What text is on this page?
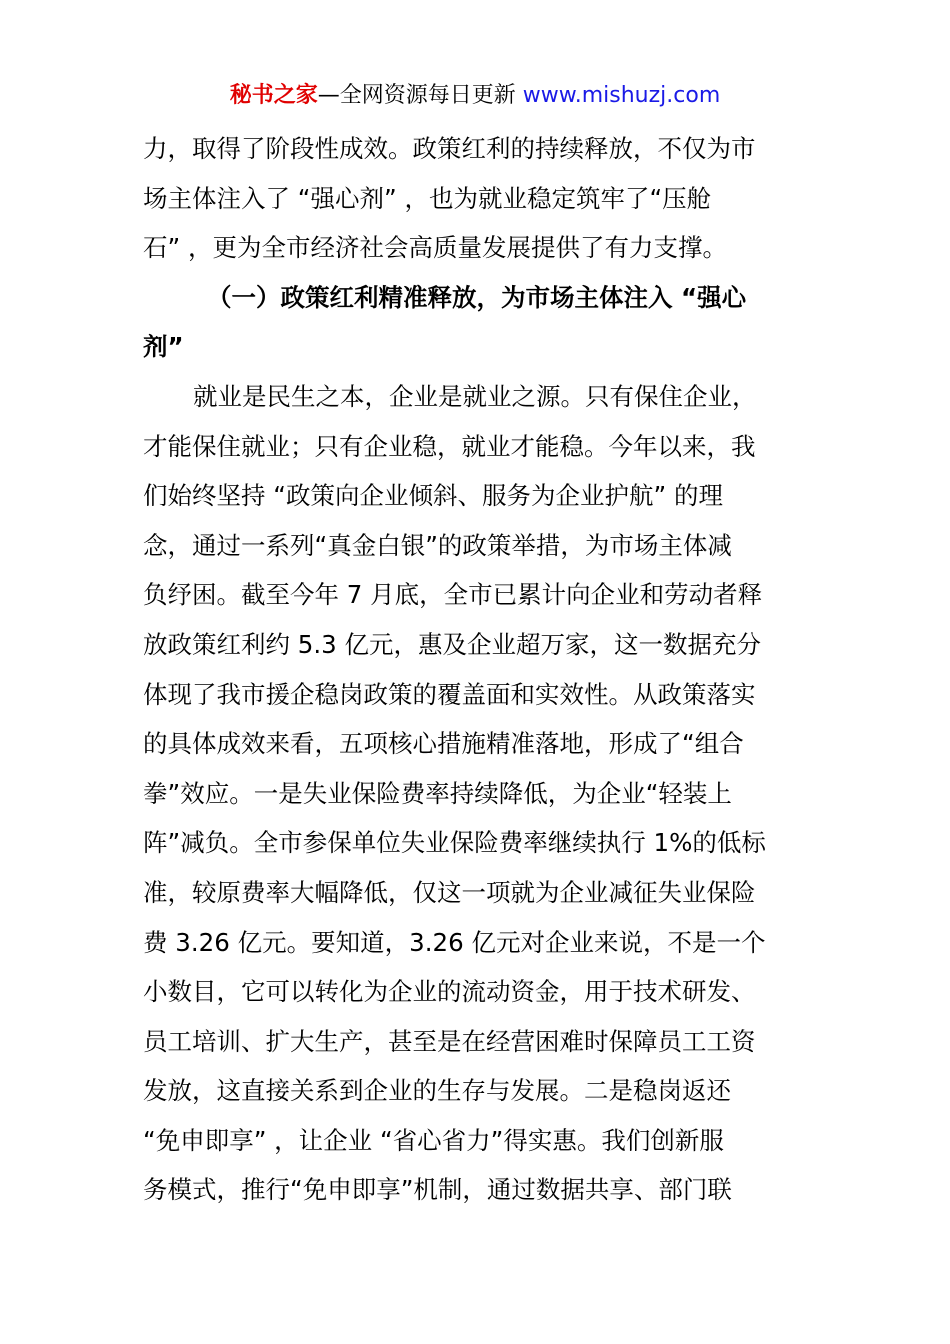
秘书之家—全网资源每日更新 www.mishuzj.com
力，取得了阶段性成效。政策红利的持续释放，不仅为市
场主体注入了 “强心剂” ，也为就业稳定筑牢了“压舱
石” ，更为全市经济社会高质量发展提供了有力支撑。
（一）政策红利精准释放，为市场主体注入 “强心
剂”
就业是民生之本，企业是就业之源。只有保住企业，
才能保住就业；只有企业稳，就业才能稳。今年以来，我
们始终坚持 “政策向企业倾斜、服务为企业护航” 的理
念，通过一系列“真金白银”的政策举措，为市场主体减
负纾困。截至今年 7 月底，全市已累计向企业和劳动者释
放政策红利约 5.3 亿元，惠及企业超万家，这一数据充分
体现了我市援企稳岗政策的覆盖面和实效性。从政策落实
的具体成效来看，五项核心措施精准落地，形成了“组合
拳”效应。一是失业保险费率持续降低，为企业“轻装上
阵”减负。全市参保单位失业保险费率继续执行 1%的低标
准，较原费率大幅降低，仅这一项就为企业减征失业保险
费 3.26 亿元。要知道，3.26 亿元对企业来说，不是一个
小数目，它可以转化为企业的流动资金，用于技术研发、
员工培训、扩大生产，甚至是在经营困难时保障员工工资
发放，这直接关系到企业的生存与发展。二是稳岗返还
“免申即享” ，让企业 “省心省力”得实惠。我们创新服
务模式，推行“免申即享”机制，通过数据共享、部门联
